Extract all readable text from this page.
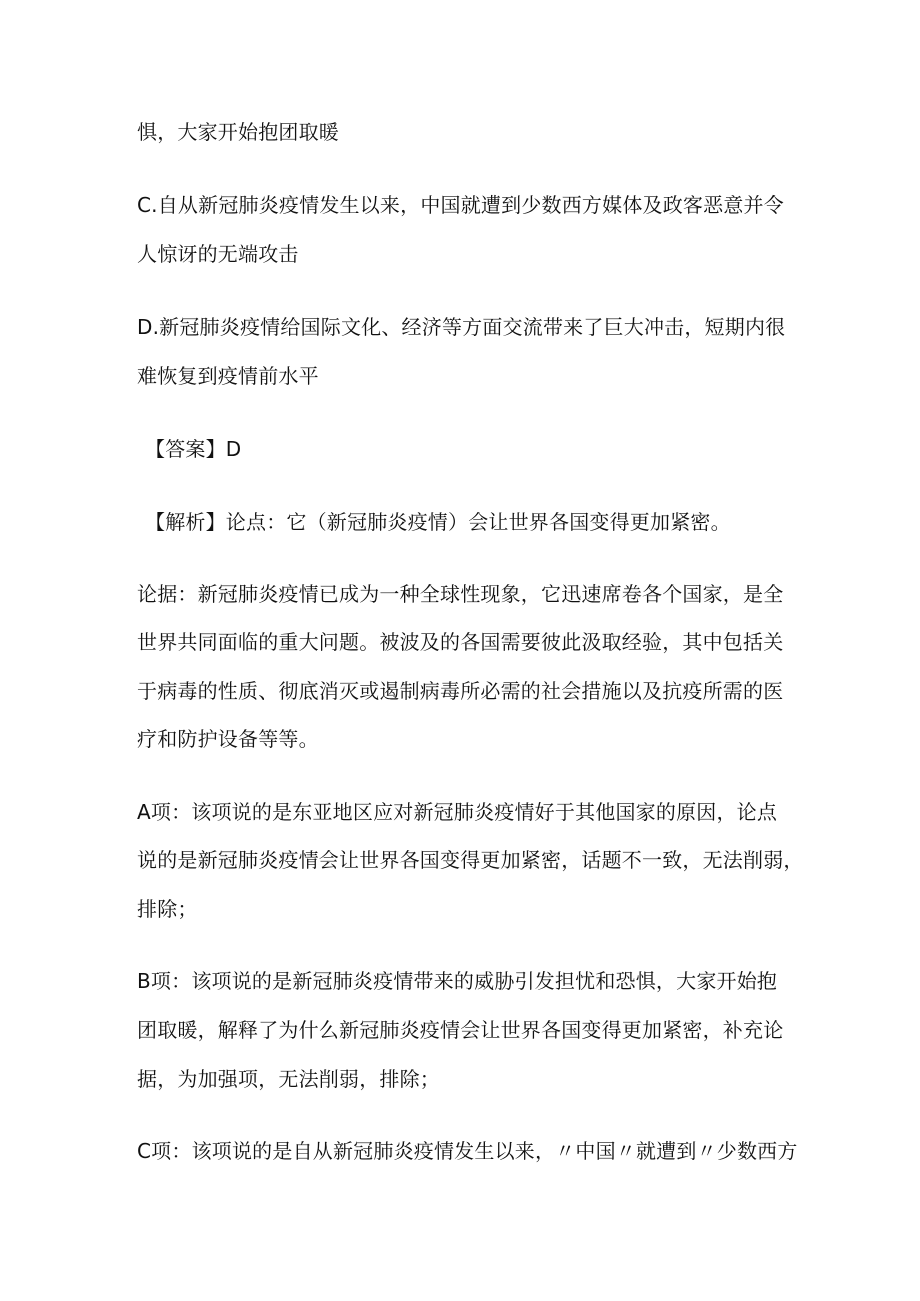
惧，大家开始抱团取暖
C.自从新冠肺炎疫情发生以来，中国就遭到少数西方媒体及政客恶意并令
人惊讶的无端攻击
D.新冠肺炎疫情给国际文化、经济等方面交流带来了巨大冲击，短期内很
难恢复到疫情前水平
【答案】D
【解析】论点：它（新冠肺炎疫情）会让世界各国变得更加紧密。
论据：新冠肺炎疫情已成为一种全球性现象，它迅速席卷各个国家，是全
世界共同面临的重大问题。被波及的各国需要彼此汲取经验，其中包括关
于病毒的性质、彻底消灭或遏制病毒所必需的社会措施以及抗疫所需的医
疗和防护设备等等。
A项：该项说的是东亚地区应对新冠肺炎疫情好于其他国家的原因，论点
说的是新冠肺炎疫情会让世界各国变得更加紧密，话题不一致，无法削弱，
排除；
B项：该项说的是新冠肺炎疫情带来的威胁引发担忧和恐惧，大家开始抱
团取暖，解释了为什么新冠肺炎疫情会让世界各国变得更加紧密，补充论
据，为加强项，无法削弱，排除；
C项：该项说的是自从新冠肺炎疫情发生以来，〃中国〃就遭到〃少数西方
